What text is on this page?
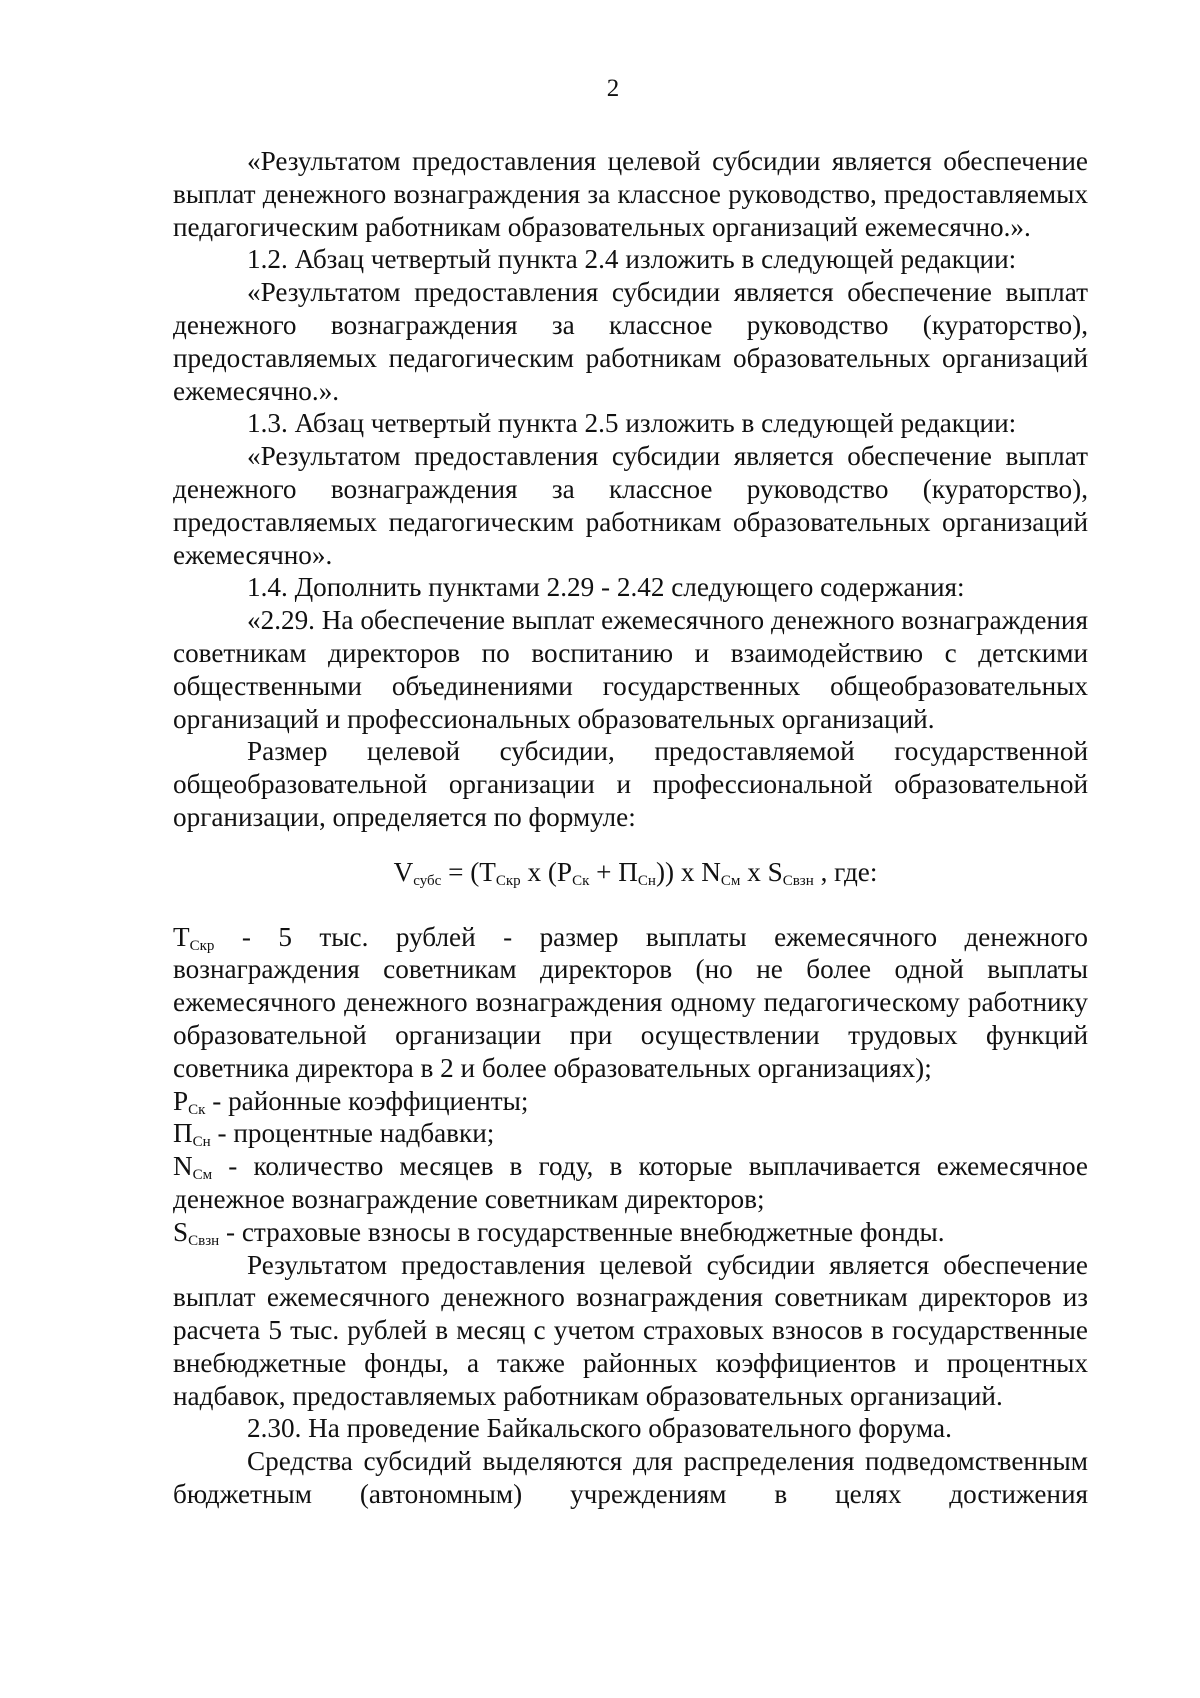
2

«Результатом предоставления целевой субсидии является обеспечение выплат денежного вознаграждения за классное руководство, предоставляемых педагогическим работникам образовательных организаций ежемесячно.».

1.2. Абзац четвертый пункта 2.4 изложить в следующей редакции:

«Результатом предоставления субсидии является обеспечение выплат денежного вознаграждения за классное руководство (кураторство), предоставляемых педагогическим работникам образовательных организаций ежемесячно.».

1.3. Абзац четвертый пункта 2.5 изложить в следующей редакции:

«Результатом предоставления субсидии является обеспечение выплат денежного вознаграждения за классное руководство (кураторство), предоставляемых педагогическим работникам образовательных организаций ежемесячно».

1.4. Дополнить пунктами 2.29 - 2.42 следующего содержания:

«2.29. На обеспечение выплат ежемесячного денежного вознаграждения советникам директоров по воспитанию и взаимодействию с детскими общественными объединениями государственных общеобразовательных организаций и профессиональных образовательных организаций.

Размер целевой субсидии, предоставляемой государственной общеобразовательной организации и профессиональной образовательной организации, определяется по формуле:

$V_{субс} = (T_{Скр}$ x $(P_{Ск} + П_{Сн})$) x $N_{См}$ x $S_{Свзн}$ , где:

$T_{Скр} - 5$ тыс. рублей - размер выплаты ежемесячного денежного вознаграждения советникам директоров (но не более одной выплаты ежемесячного денежного вознаграждения одному педагогическому работнику образовательной организации при осуществлении трудовых функций советника директора в 2 и более образовательных организациях);

$P_{Ск}$ - районные коэффициенты;

$П_{Сн}$ - процентные надбавки;

$N_{См}$ - количество месяцев в году, в которые выплачивается ежемесячное денежное вознаграждение советникам директоров;

$S_{Свзн}$ - страховые взносы в государственные внебюджетные фонды.

Результатом предоставления целевой субсидии является обеспечение выплат ежемесячного денежного вознаграждения советникам директоров из расчета 5 тыс. рублей в месяц с учетом страховых взносов в государственные внебюджетные фонды, а также районных коэффициентов и процентных надбавок, предоставляемых работникам образовательных организаций.

2.30. На проведение Байкальского образовательного форума.

Средства субсидий выделяются для распределения подведомственным бюджетным (автономным) учреждениям в целях достижения
